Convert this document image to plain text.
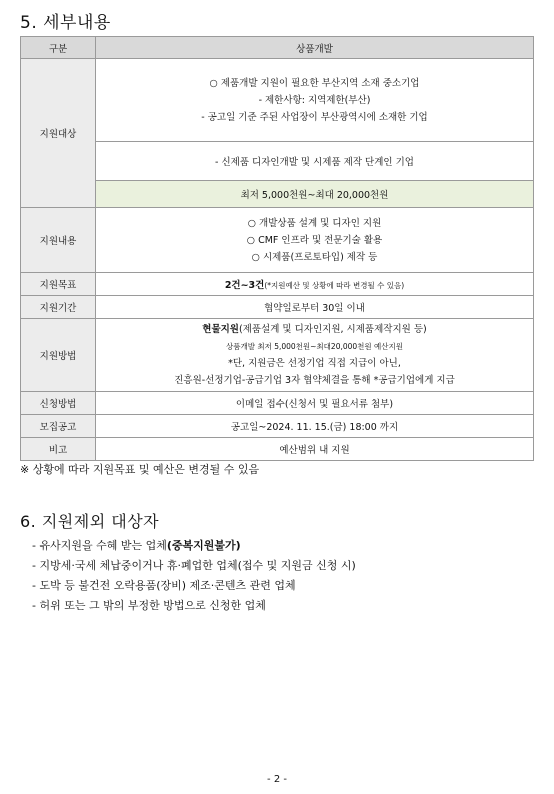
5. 세부내용
구분	상품개발
지원대상	○ 제품개발 지원이 필요한 부산지역 소재 중소기업
- 제한사항: 지역제한(부산)
- 공고일 기준 주된 사업장이 부산광역시에 소재한 기업

	- 신제품 디자인개발 및 시제품 제작 단계인 기업
	최저 5,000천원~최대 20,000천원
지원내용	○ 개발상품 설계 및 디자인 지원
○ CMF 인프라 및 전문기술 활용
○ 시제품(프로토타입) 제작 등

지원목표	2건~3건(*지원예산 및 상황에 따라 변경될 수 있음)
지원기간	협약일로부터 30일 이내
지원방법	현물지원(제품설계 및 디자인지원, 시제품제작지원 등)
상품개발 최저 5,000천원~최대20,000천원 예산지원
*단, 지원금은 선정기업 직접 지급이 아닌,
진흥원-선정기업-공급기업 3자 협약체결을 통해 *공급기업에게 지급

신청방법	이메일 접수(신청서 및 필요서류 첨부)
모집공고	공고일~2024. 11. 15.(금) 18:00 까지
비고	예산범위 내 지원
※ 상황에 따라 지원목표 및 예산은 변경될 수 있음
6. 지원제외 대상자
- 유사지원을 수혜 받는 업체(중복지원불가)
- 지방세·국세 체납중이거나 휴·폐업한 업체(접수 및 지원금 신청 시)
- 도박 등 불건전 오락용품(장비) 제조·콘텐츠 관련 업체
- 허위 또는 그 밖의 부정한 방법으로 신청한 업체
- 2 -
